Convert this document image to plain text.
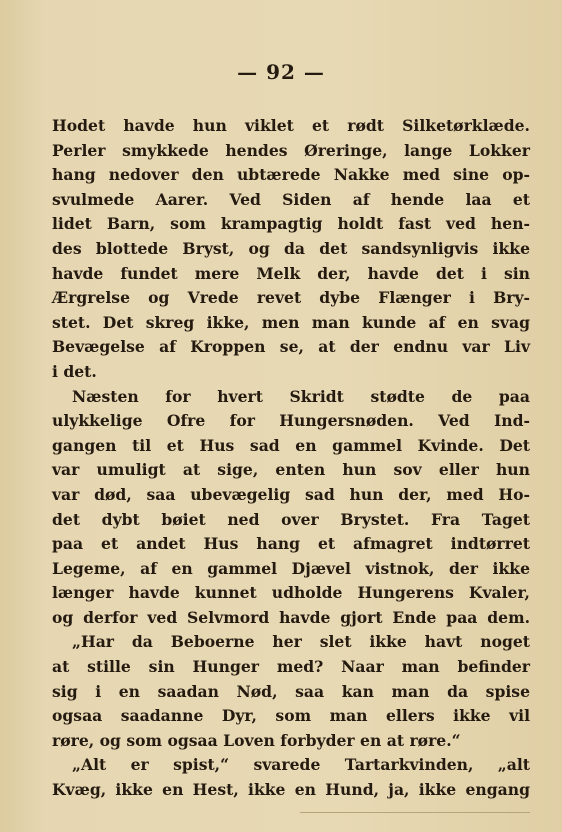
— 92 —
Hodet havde hun viklet et rødt Silketørklæde.
Perler smykkede hendes Øreringe, lange Lokker
hang nedover den ubtærede Nakke med sine op-
svulmede Aarer. Ved Siden af hende laa et
lidet Barn, som krampagtig holdt fast ved hen-
des blottede Bryst, og da det sandsynligvis ikke
havde fundet mere Melk der, havde det i sin
Ærgrelse og Vrede revet dybe Flænger i Bry-
stet. Det skreg ikke, men man kunde af en svag
Bevægelse af Kroppen se, at der endnu var Liv
i det.
Næsten for hvert Skridt stødte de paa
ulykkelige Ofre for Hungersnøden. Ved Ind-
gangen til et Hus sad en gammel Kvinde. Det
var umuligt at sige, enten hun sov eller hun
var død, saa ubevægelig sad hun der, med Ho-
det dybt bøiet ned over Brystet. Fra Taget
paa et andet Hus hang et afmagret indtørret
Legeme, af en gammel Djævel vistnok, der ikke
længer havde kunnet udholde Hungerens Kvaler,
og derfor ved Selvmord havde gjort Ende paa dem.
„Har da Beboerne her slet ikke havt noget
at stille sin Hunger med? Naar man befinder
sig i en saadan Nød, saa kan man da spise
ogsaa saadanne Dyr, som man ellers ikke vil
røre, og som ogsaa Loven forbyder en at røre.“
„Alt er spist,“ svarede Tartarkvinden, „alt
Kvæg, ikke en Hest, ikke en Hund, ja, ikke engang
